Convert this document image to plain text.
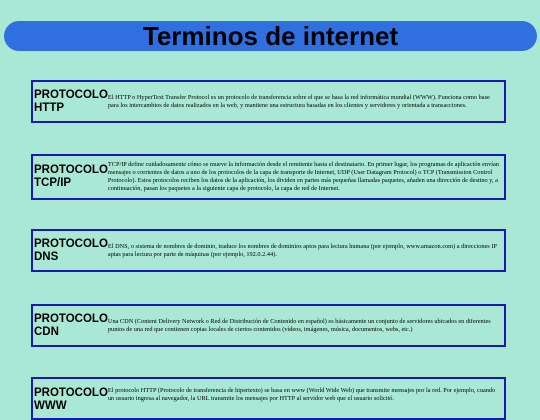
Terminos de internet
PROTOCOLO HTTP
El HTTP o HyperText Transfer Protocol es un protocolo de transferencia sobre el que se basa la red informática mundial (WWW). Funciona como base para los intercambios de datos realizados en la web, y mantiene una estructura basadas en los clientes y servidores y orientada a transacciones.
PROTOCOLO TCP/IP
TCP/IP define cuidadosamente cómo se mueve la información desde el remitente hasta el destinatario. En primer lugar, los programas de aplicación envían mensajes o corrientes de datos a uno de los protocolos de la capa de transporte de Internet, UDP (User Datagram Protocol) o TCP (Transmission Control Protocolo). Estos protocolos reciben los datos de la aplicación, los dividen en partes más pequeñas llamadas paquetes, añaden una dirección de destino y, a continuación, pasan los paquetes a la siguiente capa de protocolo, la capa de red de Internet.
PROTOCOLO DNS
El DNS, o sistema de nombres de dominio, traduce los nombres de dominios aptos para lectura humana (por ejemplo, www.amazon.com) a direcciones IP aptas para lectura por parte de máquinas (por ejemplo, 192.0.2.44).
PROTOCOLO CDN
Una CDN (Content Delivery Network o Red de Distribución de Contenido en español) es básicamente un conjunto de servidores ubicados en diferentes puntos de una red que contienen copias locales de ciertos contenidos (vídeos, imágenes, música, documentos, webs, etc.)
PROTOCOLO WWW
El protocolo HTTP (Protocolo de transferencia de hipertexto) se basa en www (World Wide Web) que transmite mensajes por la red. Por ejemplo, cuando un usuario ingresa al navegador, la URL transmite los mensajes por HTTP al servidor web que el usuario solicitó.
